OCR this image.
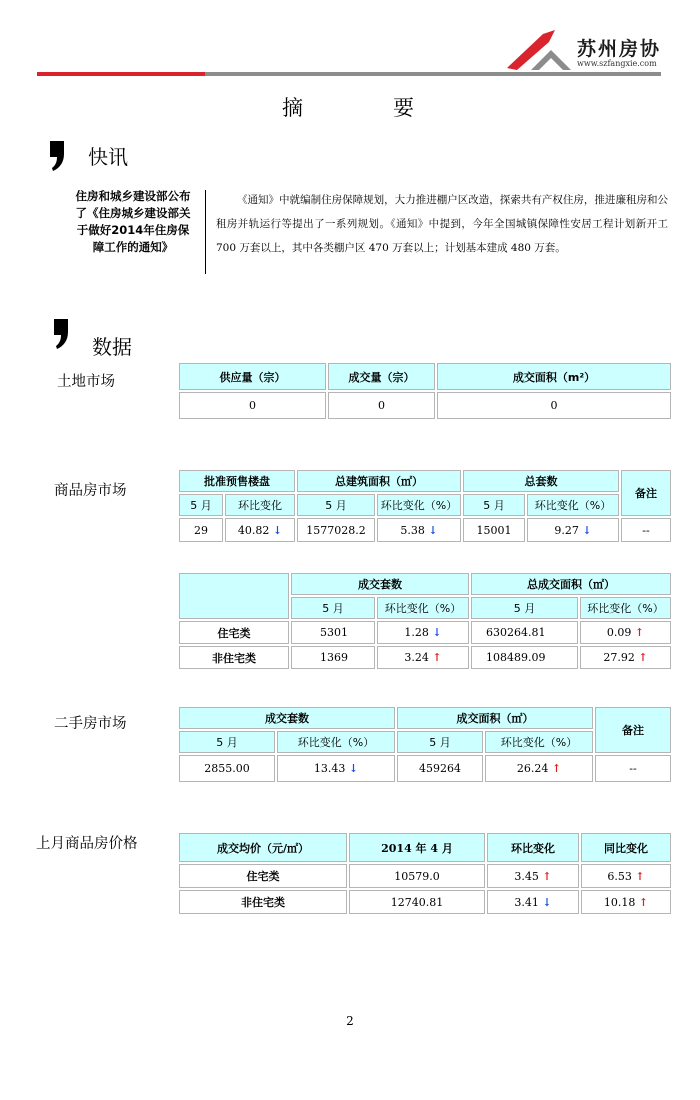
苏州房协
www.szfangxie.com
摘	要
快讯
住房和城乡建设部公布了《住房城乡建设部关于做好2014年住房保障工作的通知》
《通知》中就编制住房保障规划，大力推进棚户区改造，探索共有产权住房，推进廉租房和公租房并轨运行等提出了一系列规划。《通知》中提到，今年全国城镇保障性安居工程计划新开工 700 万套以上，其中各类棚户区 470 万套以上；计划基本建成 480 万套。
数据
土地市场	供应量（宗）	成交量（宗）	成交面积（m²）
0	0	0
商品房市场
批准预售楼盘		总建筑面积（㎡）		总套数		备注
5 月	环比变化	5 月	环比变化（%）	5 月	环比变化（%）	
29	40.82 ↓	1577028.2	5.38 ↓	15001	9.27 ↓	--
	成交套数		总成交面积（㎡）	
	5 月	环比变化（%）	5 月	环比变化（%）
住宅类	5301	1.28 ↓	630264.81	0.09 ↑
非住宅类	1369	3.24 ↑	108489.09	27.92 ↑
二手房市场	成交套数		成交面积（㎡）		备注
5 月	环比变化（%）	5 月	环比变化（%）	
2855.00	13.43 ↓	459264	26.24 ↑	--
上月商品房价格	成交均价（元/㎡）	2014 年 4 月	环比变化	同比变化
住宅类	10579.0	3.45 ↑	6.53 ↑
非住宅类	12740.81	3.41 ↓	10.18 ↑
2
